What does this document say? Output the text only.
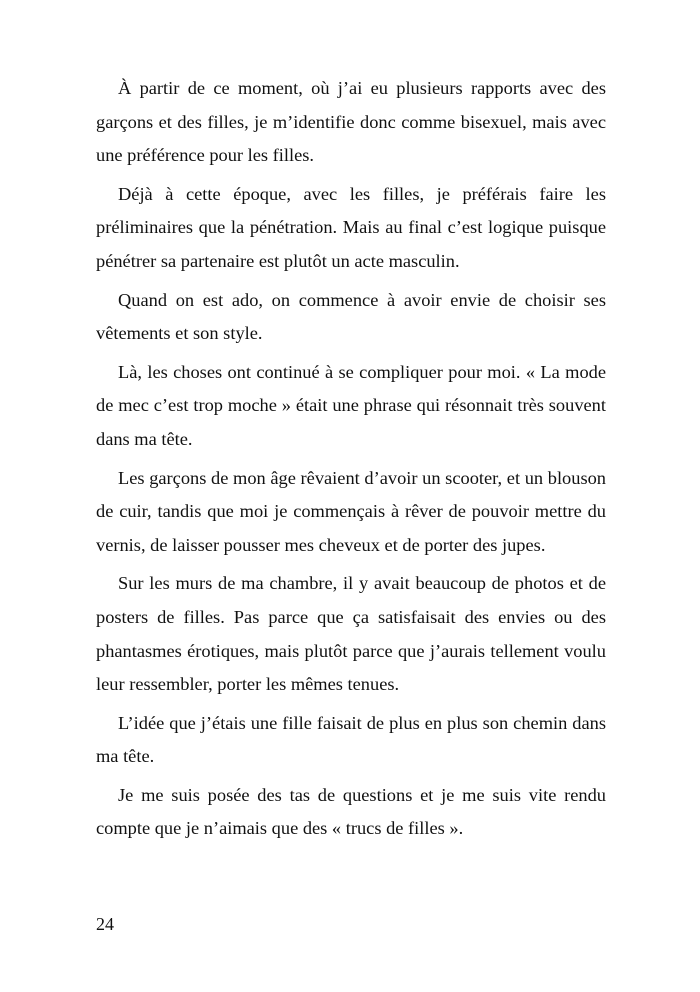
À partir de ce moment, où j’ai eu plusieurs rapports avec des garçons et des filles, je m’identifie donc comme bisexuel, mais avec une préférence pour les filles.

Déjà à cette époque, avec les filles, je préférais faire les préliminaires que la pénétration. Mais au final c’est logique puisque pénétrer sa partenaire est plutôt un acte masculin.

Quand on est ado, on commence à avoir envie de choisir ses vêtements et son style.

Là, les choses ont continué à se compliquer pour moi. « La mode de mec c’est trop moche » était une phrase qui résonnait très souvent dans ma tête.

Les garçons de mon âge rêvaient d’avoir un scooter, et un blouson de cuir, tandis que moi je commençais à rêver de pouvoir mettre du vernis, de laisser pousser mes cheveux et de porter des jupes.

Sur les murs de ma chambre, il y avait beaucoup de photos et de posters de filles. Pas parce que ça satisfaisait des envies ou des phantasmes érotiques, mais plutôt parce que j’aurais tellement voulu leur ressembler, porter les mêmes tenues.

L’idée que j’étais une fille faisait de plus en plus son chemin dans ma tête.

Je me suis posée des tas de questions et je me suis vite rendu compte que je n’aimais que des « trucs de filles ».

24
